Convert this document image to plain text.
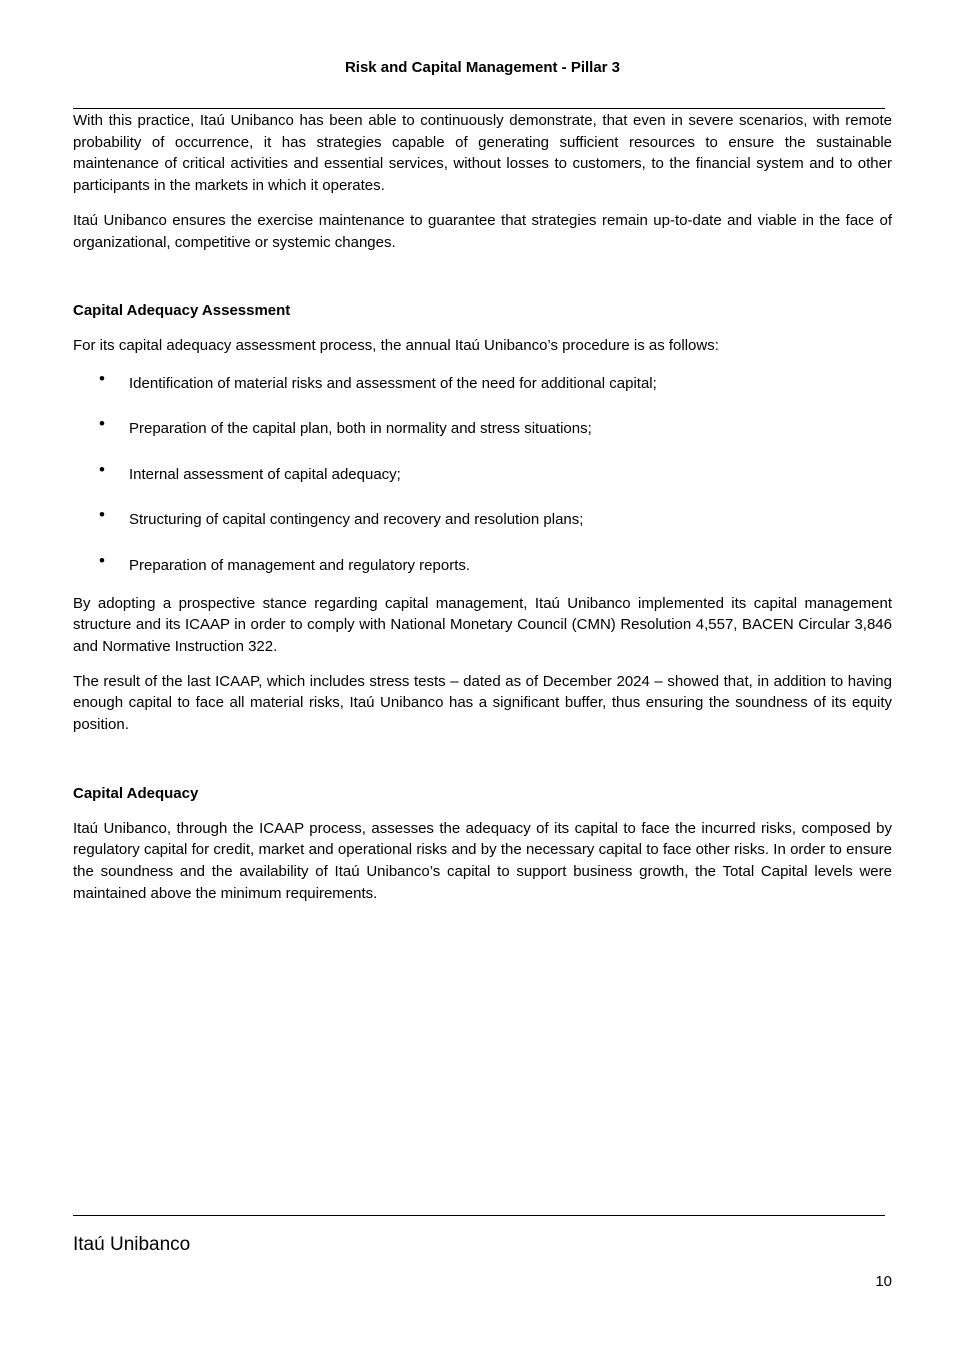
Risk and Capital Management - Pillar 3

With this practice, Itaú Unibanco has been able to continuously demonstrate, that even in severe scenarios, with remote probability of occurrence, it has strategies capable of generating sufficient resources to ensure the sustainable maintenance of critical activities and essential services, without losses to customers, to the financial system and to other participants in the markets in which it operates.

Itaú Unibanco ensures the exercise maintenance to guarantee that strategies remain up-to-date and viable in the face of organizational, competitive or systemic changes.

Capital Adequacy Assessment

For its capital adequacy assessment process, the annual Itaú Unibanco’s procedure is as follows:

• Identification of material risks and assessment of the need for additional capital;
• Preparation of the capital plan, both in normality and stress situations;
• Internal assessment of capital adequacy;
• Structuring of capital contingency and recovery and resolution plans;
• Preparation of management and regulatory reports.

By adopting a prospective stance regarding capital management, Itaú Unibanco implemented its capital management structure and its ICAAP in order to comply with National Monetary Council (CMN) Resolution 4,557, BACEN Circular 3,846 and Normative Instruction 322.

The result of the last ICAAP, which includes stress tests – dated as of December 2024 – showed that, in addition to having enough capital to face all material risks, Itaú Unibanco has a significant buffer, thus ensuring the soundness of its equity position.

Capital Adequacy

Itaú Unibanco, through the ICAAP process, assesses the adequacy of its capital to face the incurred risks, composed by regulatory capital for credit, market and operational risks and by the necessary capital to face other risks. In order to ensure the soundness and the availability of Itaú Unibanco’s capital to support business growth, the Total Capital levels were maintained above the minimum requirements.

Itaú Unibanco
10
